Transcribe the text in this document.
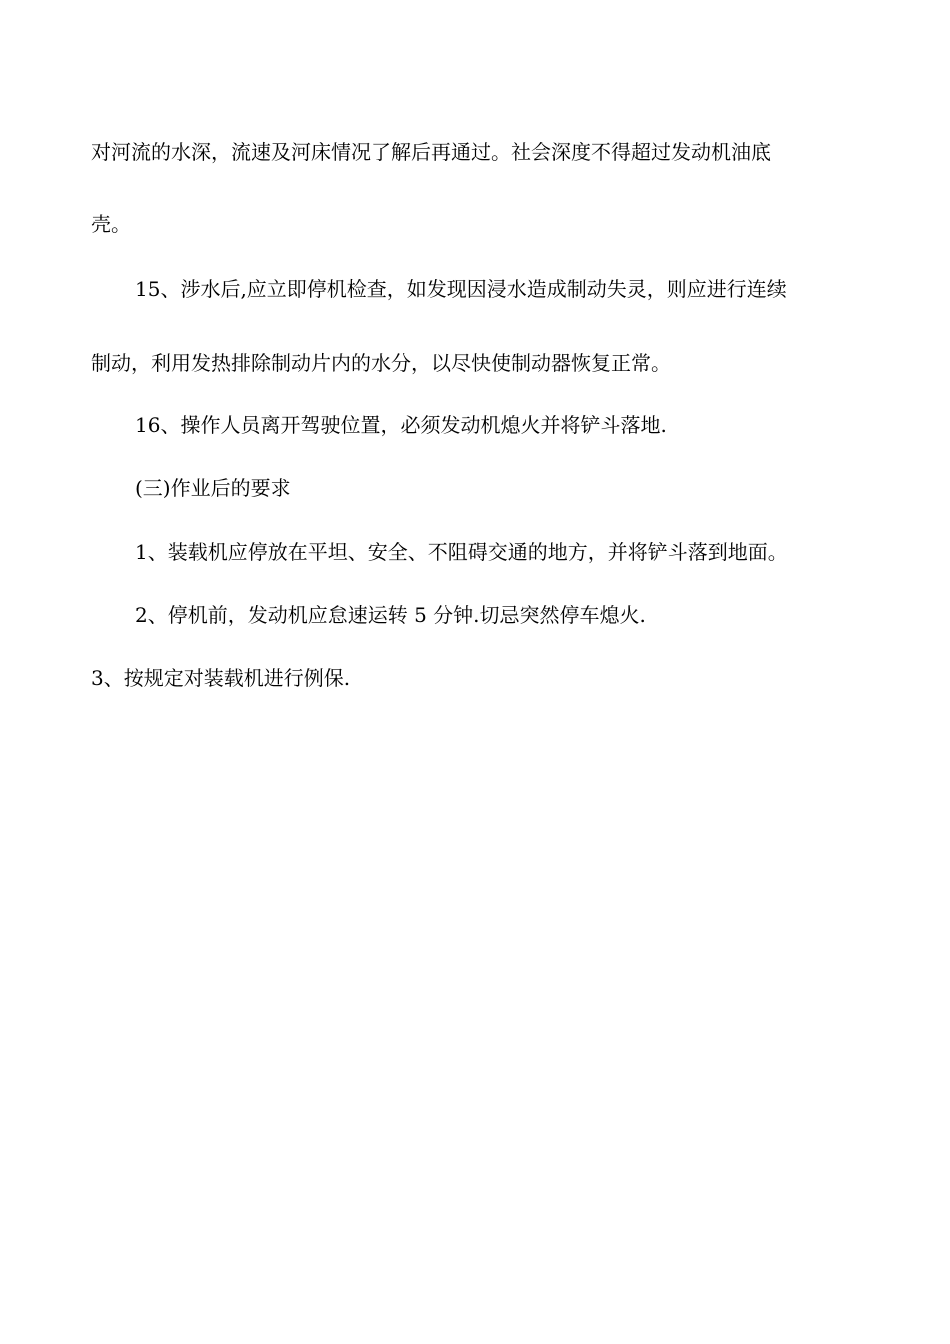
对河流的水深，流速及河床情况了解后再通过。社会深度不得超过发动机油底
壳。
15、涉水后,应立即停机检查，如发现因浸水造成制动失灵，则应进行连续
制动，利用发热排除制动片内的水分，以尽快使制动器恢复正常。
16、操作人员离开驾驶位置，必须发动机熄火并将铲斗落地.
(三)作业后的要求
1、装载机应停放在平坦、安全、不阻碍交通的地方，并将铲斗落到地面。
2、停机前，发动机应怠速运转 5 分钟.切忌突然停车熄火.
3、按规定对装载机进行例保.
